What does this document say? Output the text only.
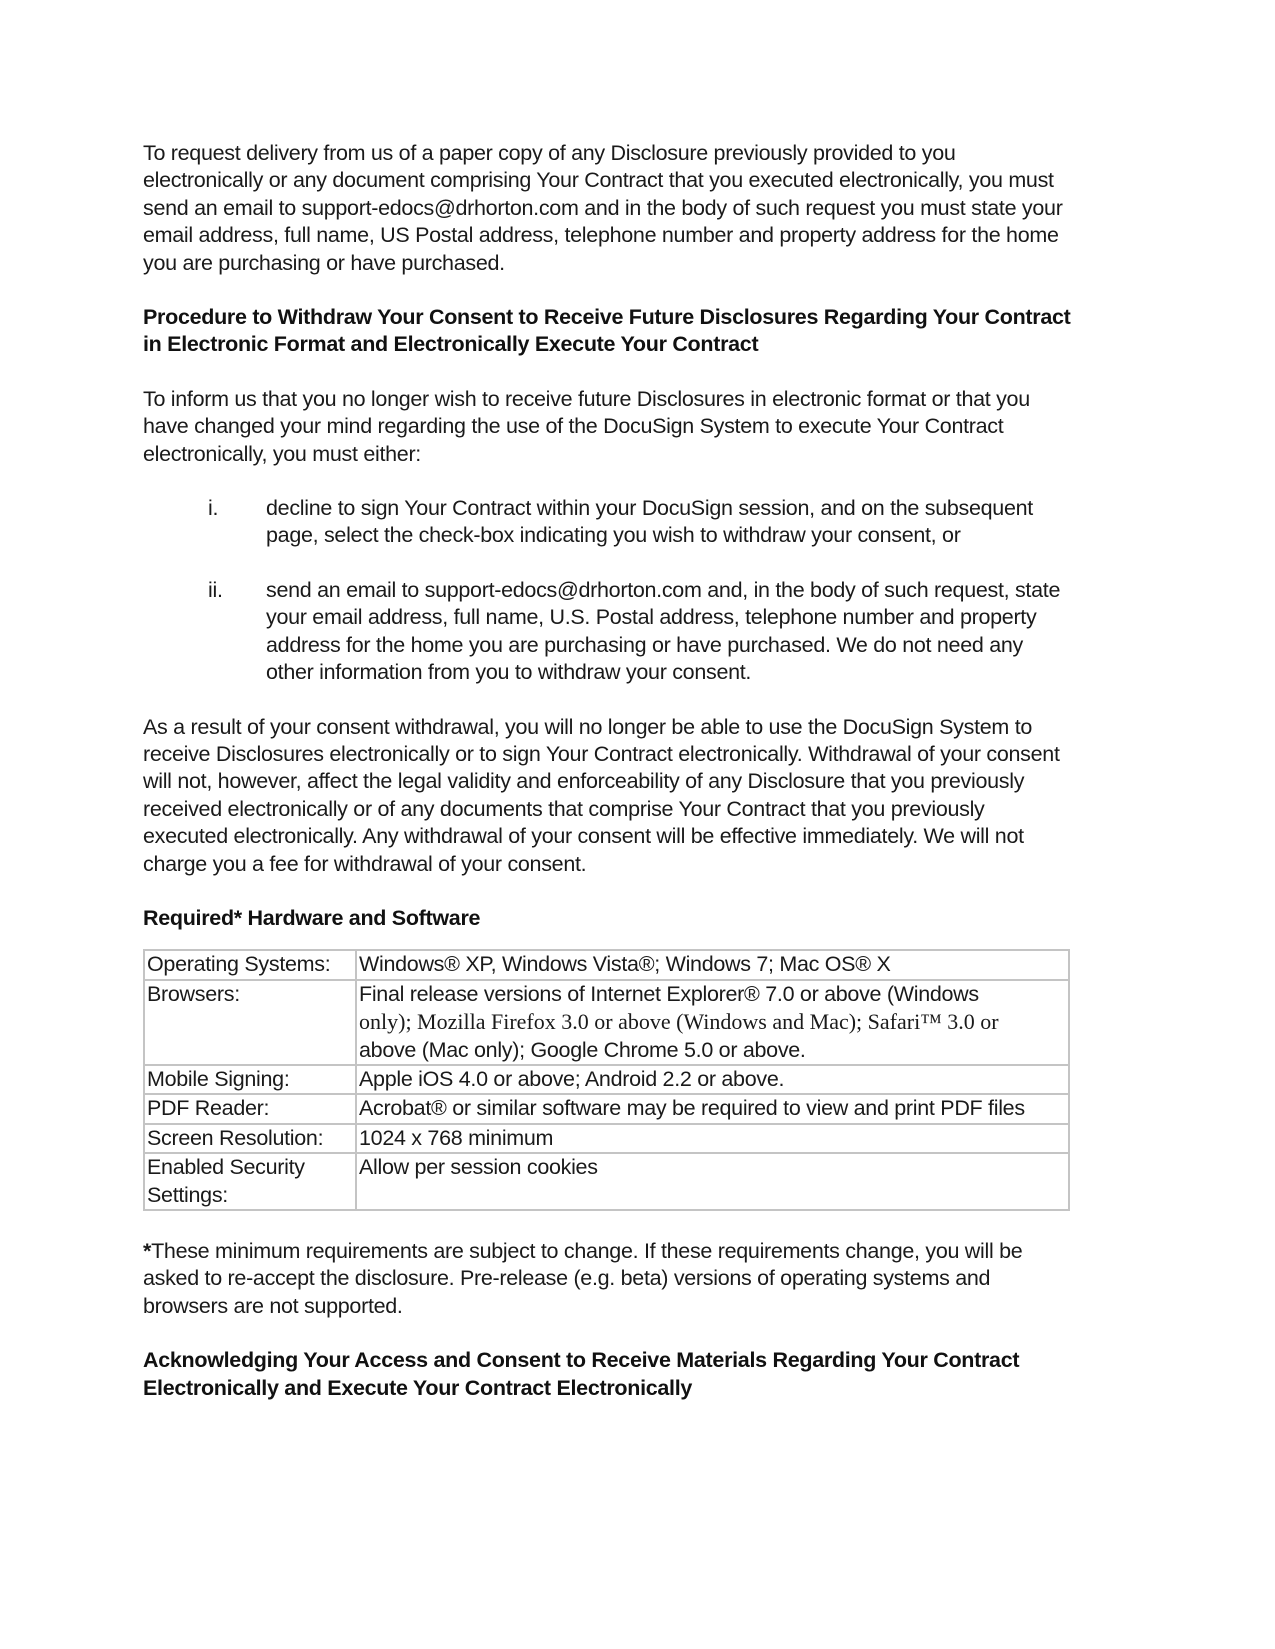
To request delivery from us of a paper copy of any Disclosure previously provided to you electronically or any document comprising Your Contract that you executed electronically, you must send an email to support-edocs@drhorton.com and in the body of such request you must state your email address, full name, US Postal address, telephone number and property address for the home you are purchasing or have purchased.

Procedure to Withdraw Your Consent to Receive Future Disclosures Regarding Your Contract in Electronic Format and Electronically Execute Your Contract

To inform us that you no longer wish to receive future Disclosures in electronic format or that you have changed your mind regarding the use of the DocuSign System to execute Your Contract electronically, you must either:

i.	decline to sign Your Contract within your DocuSign session, and on the subsequent page, select the check-box indicating you wish to withdraw your consent, or
ii.	send an email to support-edocs@drhorton.com and, in the body of such request, state your email address, full name, U.S. Postal address, telephone number and property address for the home you are purchasing or have purchased. We do not need any other information from you to withdraw your consent.

As a result of your consent withdrawal, you will no longer be able to use the DocuSign System to receive Disclosures electronically or to sign Your Contract electronically. Withdrawal of your consent will not, however, affect the legal validity and enforceability of any Disclosure that you previously received electronically or of any documents that comprise Your Contract that you previously executed electronically. Any withdrawal of your consent will be effective immediately. We will not charge you a fee for withdrawal of your consent.

Required* Hardware and Software
Operating Systems:	Windows® XP, Windows Vista®; Windows 7; Mac OS® X
Browsers:	Final release versions of Internet Explorer® 7.0 or above (Windows
only); Mozilla Firefox 3.0 or above (Windows and Mac); Safari™ 3.0 or
above (Mac only); Google Chrome 5.0 or above.
Mobile Signing:	Apple iOS 4.0 or above; Android 2.2 or above.
PDF Reader:	Acrobat® or similar software may be required to view and print PDF files
Screen Resolution:	1024 x 768 minimum
Enabled Security Settings:	Allow per session cookies

*These minimum requirements are subject to change. If these requirements change, you will be asked to re-accept the disclosure. Pre-release (e.g. beta) versions of operating systems and browsers are not supported.

Acknowledging Your Access and Consent to Receive Materials Regarding Your Contract Electronically and Execute Your Contract Electronically
